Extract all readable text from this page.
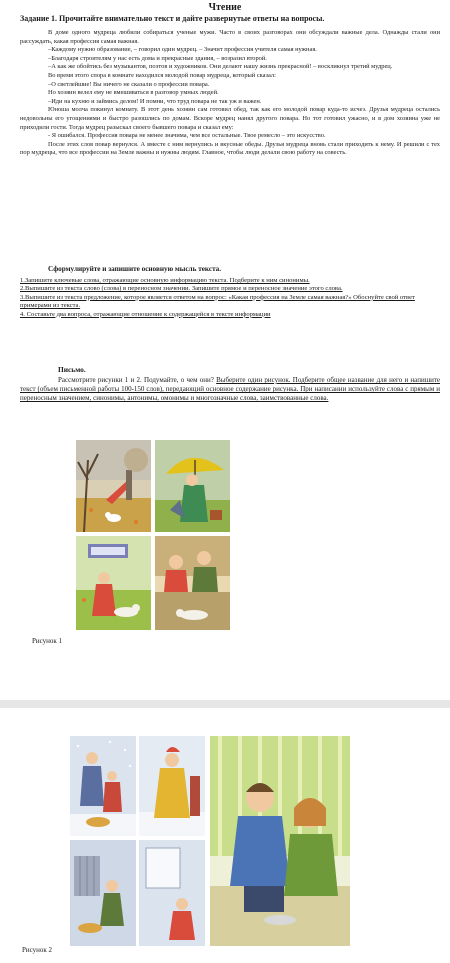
Чтение
Задание 1. Прочитайте внимательно текст и дайте развернутые ответы на вопросы.

В доме одного мудреца любили собираться ученые мужи. Часто в своих разговорах они обсуждали важные дела. Однажды стали они рассуждать, какая профессия самая важная.

–Каждому нужно образование, – говорил один мудрец. – Значит профессия учителя самая нужная.

–Благодаря строителям у нас есть дома и прекрасные здания, – возразил второй.

–А как же обойтись без музыкантов, поэтов и художников. Они делают нашу жизнь прекрасной! – воскликнул третий мудрец.

Во время этого спора в комнате находился молодой повар мудреца, который сказал:

–О светлейшие! Вы ничего не сказали о профессии повара.

Но хозяин велел ему не вмешиваться в разговор умных людей.

–Иди на кухню и займись делом! И помни, что труд повара не так уж и важен.

Юноша молча покинул комнату. В этот день хозяин сам готовил обед, так как его молодой повар куда-то исчез. Друзья мудреца остались недовольны его угощениями и быстро разошлись по домам. Вскоре мудрец нанял другого повара. Но тот готовил ужасно, и в дом хозяина уже не приходили гости. Тогда мудрец разыскал своего бывшего повара и сказал ему:

- Я ошибался. Профессия повара не менее значима, чем все остальные. Твое ремесло – это искусство.

После этих слов повар вернулся. А вместе с ним вернулись и вкусные обеды. Друзья мудреца вновь стали приходить к нему. И решили с тех пор мудрецы, что все профессии на Земле важны и нужны людям. Главное, чтобы люди делали свою работу на совесть.

Сформулируйте и запишите основную мысль текста.
1.Запишите ключевые слова, отражающие основную информацию текста. Подберите к ним синонимы.
2.Выпишите из текста слово (слова) в переносном значении. Запишите прямое и переносное значение этого слова.
3.Выпишите из текста предложение, которое является ответом на вопрос: «Какая профессия на Земле самая важная?» Обоснуйте свой ответ примерами из текста.
4. Составьте два вопроса, отражающие отношение к содержащейся в тексте информации
Письмо.

Рассмотрите рисунки 1 и 2. Подумайте, о чем они? Выберите один рисунок. Подберите общее название для него и напишите текст (объем письменной работы 100-150 слов), передающий основное содержание рисунка. При написании используйте слова с прямым и переносным значением, синонимы, антонимы, омонимы и многозначные слова, заимствованные слова.

Рисунок 1
Рисунок 2
